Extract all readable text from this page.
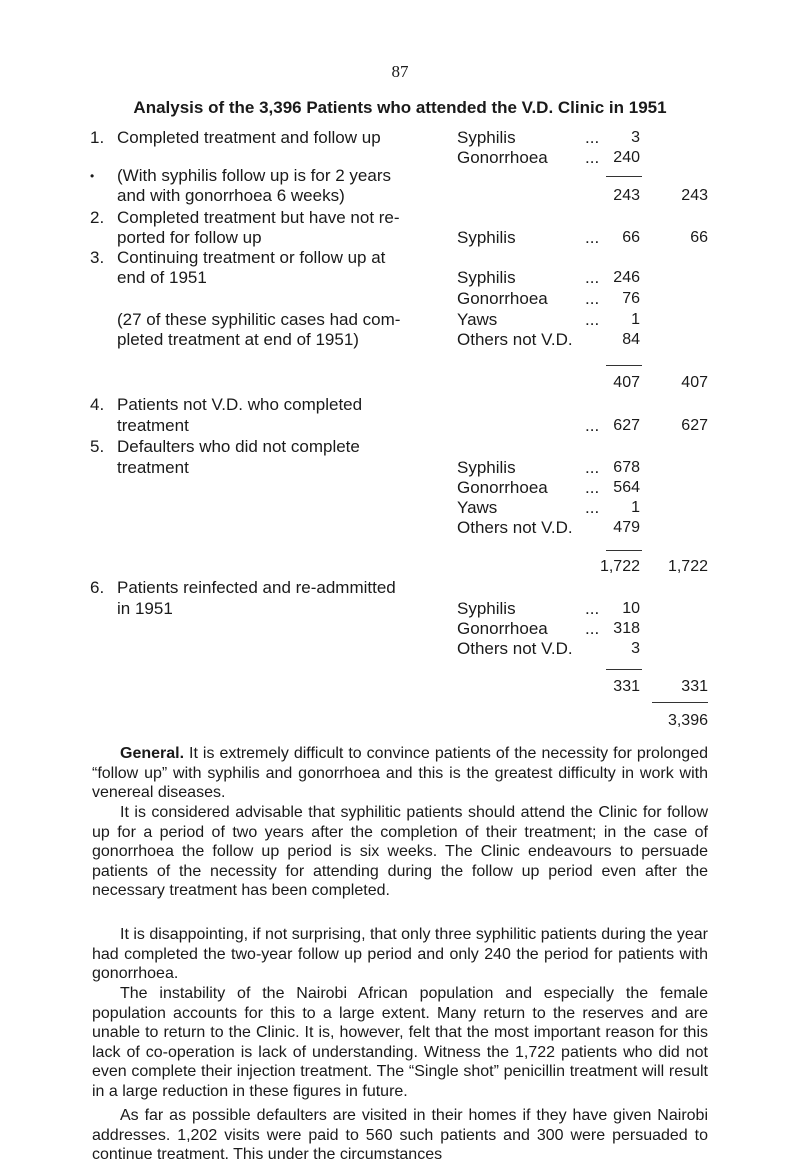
87
Analysis of the 3,396 Patients who attended the V.D. Clinic in 1951
1. Completed treatment and follow up
• (With syphilis follow up is for 2 years
and with gonorrhoea 6 weeks)
Syphilis	...	3
Gonorrhoea ... 240
243	243
2. Completed treatment but have not re-
ported for follow up	Syphilis	...	66	66
3. Continuing treatment or follow up at
end of 1951
(27 of these syphilitic cases had com-
pleted treatment at end of 1951)
Syphilis	... 246
Gonorrhoea ...	76
Yaws	...	1
Others not V.D.	84
407	407
4. Patients not V.D. who completed
treatment	... 627	627
5. Defaulters who did not complete
treatment	Syphilis	... 678
Gonorrhoea ... 564
Yaws	...	1
Others not V.D.	479
1,722	1,722
6. Patients reinfected and re-admmitted
in 1951	Syphilis	...	10
Gonorrhoea ... 318
Others not V.D.	3
331	331
3,396

General. It is extremely difficult to convince patients of the necessity for prolonged “follow up” with syphilis and gonorrhoea and this is the greatest difficulty in work with venereal diseases.

It is considered advisable that syphilitic patients should attend the Clinic for follow up for a period of two years after the completion of their treatment; in the case of gonorrhoea the follow up period is six weeks. The Clinic endeavours to persuade patients of the necessity for attending during the follow up period even after the necessary treatment has been completed.

It is disappointing, if not surprising, that only three syphilitic patients during the year had completed the two-year follow up period and only 240 the period for patients with gonorrhoea.

The instability of the Nairobi African population and especially the female population accounts for this to a large extent. Many return to the reserves and are unable to return to the Clinic. It is, however, felt that the most important reason for this lack of co-operation is lack of understanding. Witness the 1,722 patients who did not even complete their injection treatment. The “Single shot” penicillin treatment will result in a large reduction in these figures in future.

As far as possible defaulters are visited in their homes if they have given Nairobi addresses. 1,202 visits were paid to 560 such patients and 300 were persuaded to continue treatment. This under the circumstances
